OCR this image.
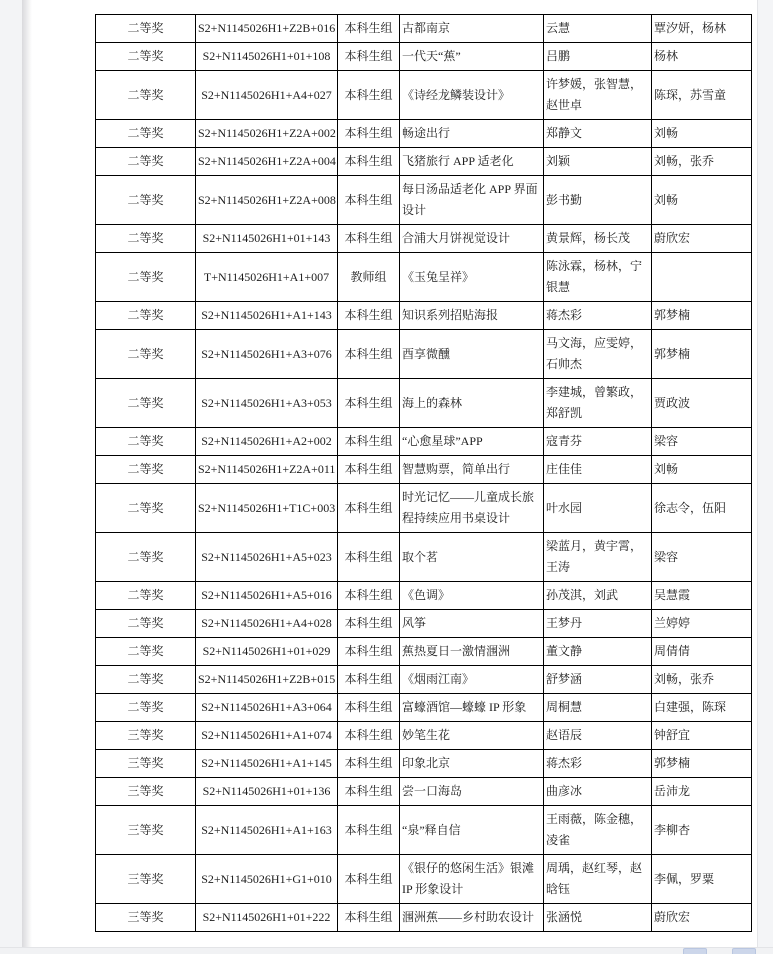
二等奖	S2+N1145026H1+Z2B+016	本科生组	古都南京	云慧	覃汐妍，杨林
二等奖	S2+N1145026H1+01+108	本科生组	一代天“蕉”	吕鹏	杨林
二等奖	S2+N1145026H1+A4+027	本科生组	《诗经龙鳞装设计》	许梦媛，张智慧，赵世卓	陈琛，苏雪童
二等奖	S2+N1145026H1+Z2A+002	本科生组	畅途出行	郑静文	刘畅
二等奖	S2+N1145026H1+Z2A+004	本科生组	飞猪旅行 APP 适老化	刘颖	刘畅，张乔
二等奖	S2+N1145026H1+Z2A+008	本科生组	每日汤品适老化 APP 界面设计	彭书勤	刘畅
二等奖	S2+N1145026H1+01+143	本科生组	合浦大月饼视觉设计	黄景辉，杨长茂	蔚欣宏
二等奖	T+N1145026H1+A1+007	教师组	《玉兔呈祥》	陈泳霖，杨林，宁银慧	
二等奖	S2+N1145026H1+A1+143	本科生组	知识系列招贴海报	蒋杰彩	郭梦楠
二等奖	S2+N1145026H1+A3+076	本科生组	酉享微醺	马文海，应雯婷，石帅杰	郭梦楠
二等奖	S2+N1145026H1+A3+053	本科生组	海上的森林	李建城，曾繁政，郑舒凯	贾政波
二等奖	S2+N1145026H1+A2+002	本科生组	“心愈星球”APP	寇青芬	梁容
二等奖	S2+N1145026H1+Z2A+011	本科生组	智慧购票，简单出行	庄佳佳	刘畅
二等奖	S2+N1145026H1+T1C+003	本科生组	时光记忆——儿童成长旅程持续应用书桌设计	叶水园	徐志令，伍阳
二等奖	S2+N1145026H1+A5+023	本科生组	取个茗	梁蓝月，黄宇霄，王涛	梁容
二等奖	S2+N1145026H1+A5+016	本科生组	《色调》	孙茂淇，刘武	吴慧霞
二等奖	S2+N1145026H1+A4+028	本科生组	风筝	王梦丹	兰婷婷
二等奖	S2+N1145026H1+01+029	本科生组	蕉热夏日一激情涠洲	董文静	周倩倩
二等奖	S2+N1145026H1+Z2B+015	本科生组	《烟雨江南》	舒梦涵	刘畅，张乔
二等奖	S2+N1145026H1+A3+064	本科生组	富蠔酒馆—蠔蠔 IP 形象	周桐慧	白建强，陈琛
三等奖	S2+N1145026H1+A1+074	本科生组	妙笔生花	赵语辰	钟舒宜
三等奖	S2+N1145026H1+A1+145	本科生组	印象北京	蒋杰彩	郭梦楠
三等奖	S2+N1145026H1+01+136	本科生组	尝一口海岛	曲彦冰	岳沛龙
三等奖	S2+N1145026H1+A1+163	本科生组	“泉”释自信	王雨薇，陈金穗，凌雀	李柳杏
三等奖	S2+N1145026H1+G1+010	本科生组	《银仔的悠闲生活》银滩 IP 形象设计	周瑀，赵红琴，赵晗钰	李佩，罗粟
三等奖	S2+N1145026H1+01+222	本科生组	涠洲蕉——乡村助农设计	张涵悦	蔚欣宏
